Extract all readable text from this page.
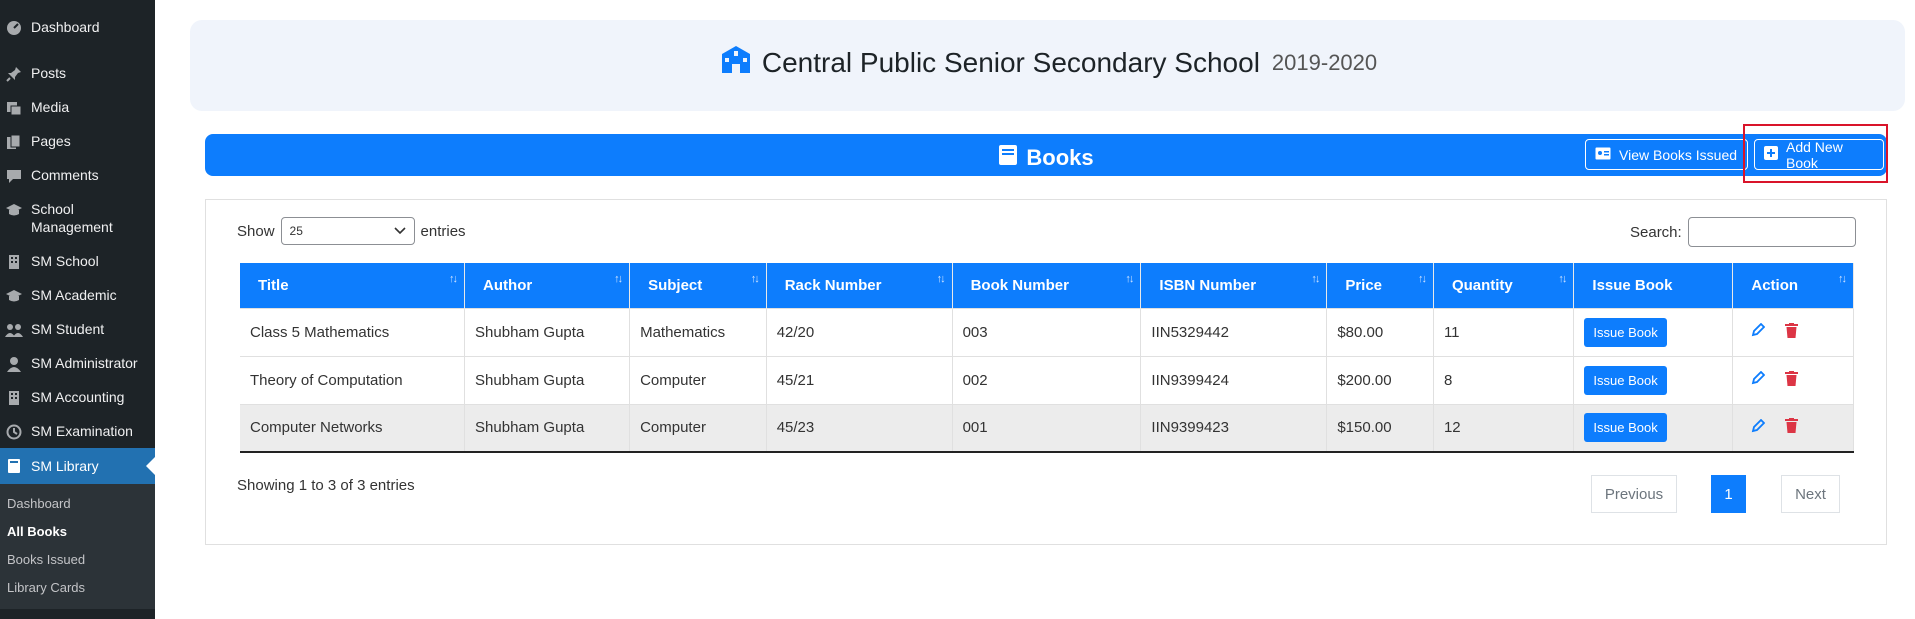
Dashboard
Posts
Media
Pages
Comments
School Management
SM School
SM Academic
SM Student
SM Administrator
SM Accounting
SM Examination
SM Library
Dashboard
All Books
Books Issued
Library Cards
Central Public Senior Secondary School 2019-2020
Books	View Books Issued	Add New Book
Show 25	entries	Search:
Title ↑↓	Author ↑↓	Subject ↑↓	Rack Number ↑↓	Book Number ↑↓	ISBN Number ↑↓	Price ↑↓	Quantity ↑↓	Issue Book	Action ↑↓

Class 5 Mathematics	Shubham Gupta	Mathematics	42/20	003	IIN5329442	$80.00	11	Issue Book	

Theory of Computation	Shubham Gupta	Computer	45/21	002	IIN9399424	$200.00	8	Issue Book	

Computer Networks	Shubham Gupta	Computer	45/23	001	IIN9399423	$150.00	12	Issue Book	
Showing 1 to 3 of 3 entries	Previous	1	Next
